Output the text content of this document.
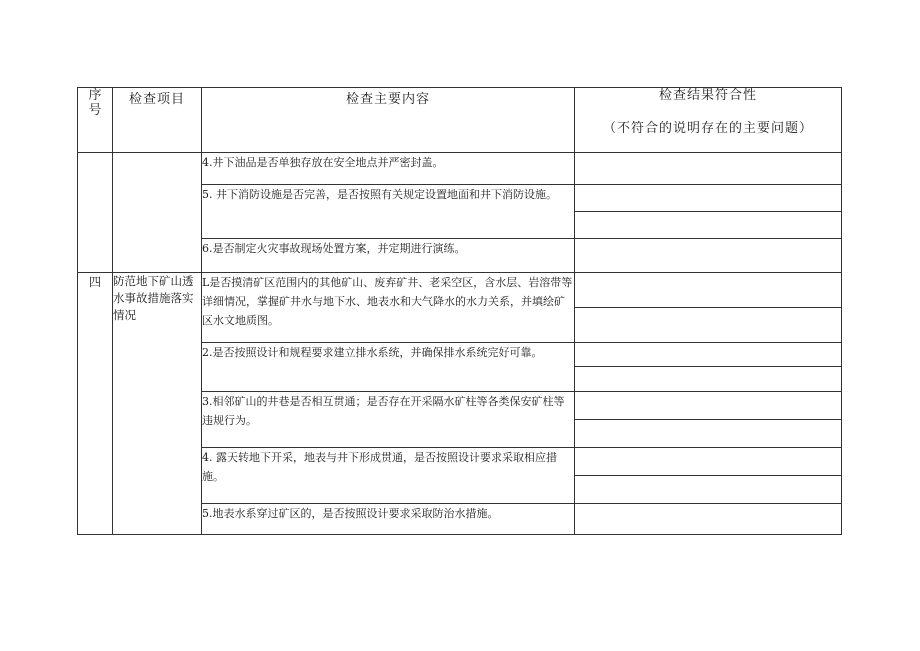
序号	检查项目	检查主要内容	检查结果符合性
（不符合的说明存在的主要问题）

		4.井下油品是否单独存放在安全地点并严密封盖。	
		5. 井下消防设施是否完善，是否按照有关规定设置地面和井下消防设施。	

		6.是否制定火灾事故现场处置方案，并定期进行演练。	
四	防范地下矿山透水事故措施落实情况	L是否摸清矿区范围内的其他矿山、废弃矿井、老采空区，含水层、岩溶带等详细情况，掌握矿井水与地下水、地表水和大气降水的水力关系，并填绘矿区水文地质图。	

		2.是否按照设计和规程要求建立排水系统，并确保排水系统完好可靠。	

		3.相邻矿山的井巷是否相互贯通；是否存在开采隔水矿柱等各类保安矿柱等违规行为。	

		4. 露天转地下开采，地表与井下形成贯通，是否按照设计要求采取相应措施。	

		5.地表水系穿过矿区的，是否按照设计要求采取防治水措施。	
